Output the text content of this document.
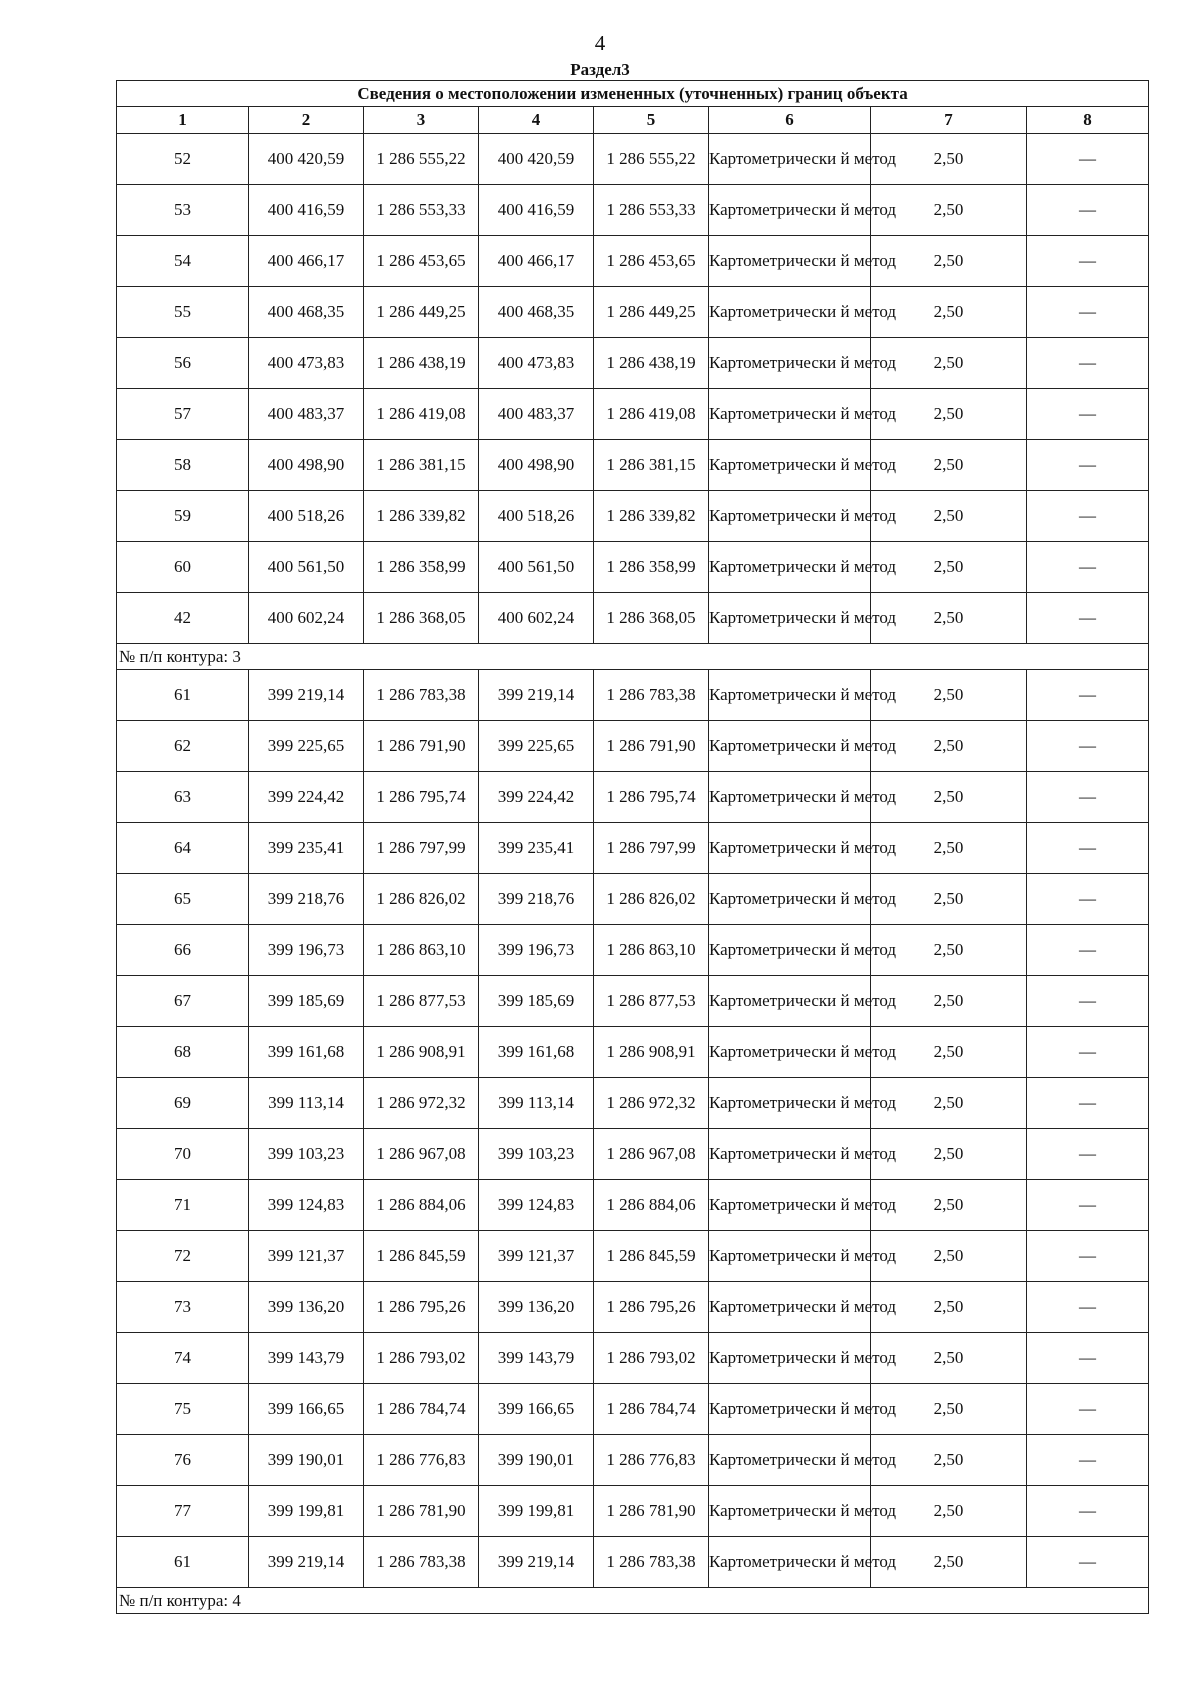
4
Раздел3
Сведения о местоположении измененных (уточненных) границ объекта							
1	2	3	4	5	6	7	8
52	400 420,59	1 286 555,22	400 420,59	1 286 555,22	Картометрически й метод	2,50	—
53	400 416,59	1 286 553,33	400 416,59	1 286 553,33	Картометрически й метод	2,50	—
54	400 466,17	1 286 453,65	400 466,17	1 286 453,65	Картометрически й метод	2,50	—
55	400 468,35	1 286 449,25	400 468,35	1 286 449,25	Картометрически й метод	2,50	—
56	400 473,83	1 286 438,19	400 473,83	1 286 438,19	Картометрически й метод	2,50	—
57	400 483,37	1 286 419,08	400 483,37	1 286 419,08	Картометрически й метод	2,50	—
58	400 498,90	1 286 381,15	400 498,90	1 286 381,15	Картометрически й метод	2,50	—
59	400 518,26	1 286 339,82	400 518,26	1 286 339,82	Картометрически й метод	2,50	—
60	400 561,50	1 286 358,99	400 561,50	1 286 358,99	Картометрически й метод	2,50	—
42	400 602,24	1 286 368,05	400 602,24	1 286 368,05	Картометрически й метод	2,50	—
№ п/п контура: 3							
61	399 219,14	1 286 783,38	399 219,14	1 286 783,38	Картометрически й метод	2,50	—
62	399 225,65	1 286 791,90	399 225,65	1 286 791,90	Картометрически й метод	2,50	—
63	399 224,42	1 286 795,74	399 224,42	1 286 795,74	Картометрически й метод	2,50	—
64	399 235,41	1 286 797,99	399 235,41	1 286 797,99	Картометрически й метод	2,50	—
65	399 218,76	1 286 826,02	399 218,76	1 286 826,02	Картометрически й метод	2,50	—
66	399 196,73	1 286 863,10	399 196,73	1 286 863,10	Картометрически й метод	2,50	—
67	399 185,69	1 286 877,53	399 185,69	1 286 877,53	Картометрически й метод	2,50	—
68	399 161,68	1 286 908,91	399 161,68	1 286 908,91	Картометрически й метод	2,50	—
69	399 113,14	1 286 972,32	399 113,14	1 286 972,32	Картометрически й метод	2,50	—
70	399 103,23	1 286 967,08	399 103,23	1 286 967,08	Картометрически й метод	2,50	—
71	399 124,83	1 286 884,06	399 124,83	1 286 884,06	Картометрически й метод	2,50	—
72	399 121,37	1 286 845,59	399 121,37	1 286 845,59	Картометрически й метод	2,50	—
73	399 136,20	1 286 795,26	399 136,20	1 286 795,26	Картометрически й метод	2,50	—
74	399 143,79	1 286 793,02	399 143,79	1 286 793,02	Картометрически й метод	2,50	—
75	399 166,65	1 286 784,74	399 166,65	1 286 784,74	Картометрически й метод	2,50	—
76	399 190,01	1 286 776,83	399 190,01	1 286 776,83	Картометрически й метод	2,50	—
77	399 199,81	1 286 781,90	399 199,81	1 286 781,90	Картометрически й метод	2,50	—
61	399 219,14	1 286 783,38	399 219,14	1 286 783,38	Картометрически й метод	2,50	—
№ п/п контура: 4							
